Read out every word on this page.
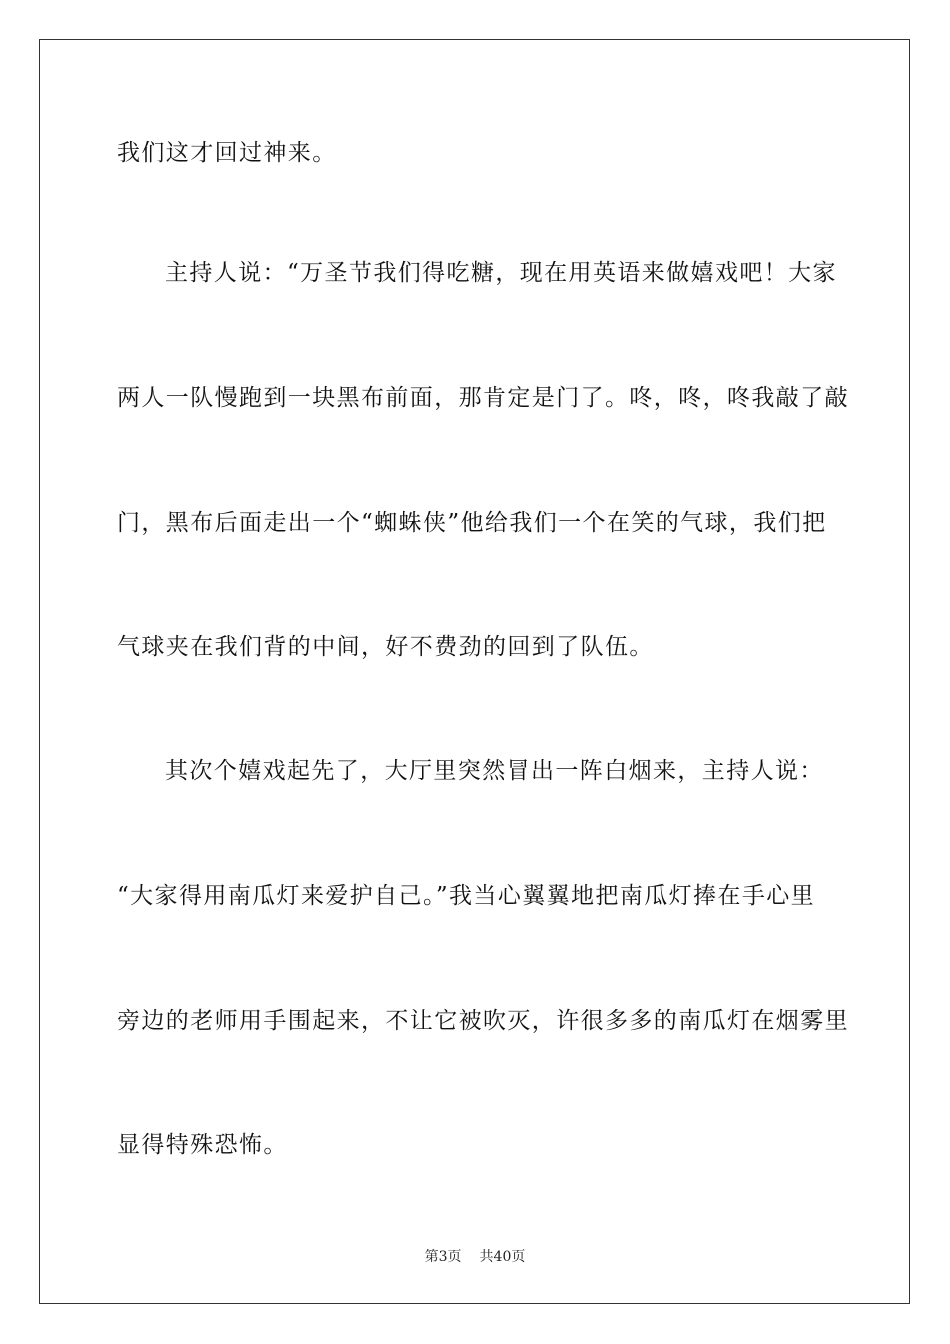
我们这才回过神来。
主持人说：“万圣节我们得吃糖，现在用英语来做嬉戏吧！大家
两人一队慢跑到一块黑布前面，那肯定是门了。咚，咚，咚我敲了敲
门，黑布后面走出一个“蜘蛛侠”他给我们一个在笑的气球，我们把
气球夹在我们背的中间，好不费劲的回到了队伍。
其次个嬉戏起先了，大厅里突然冒出一阵白烟来，主持人说：
“大家得用南瓜灯来爱护自己。”我当心翼翼地把南瓜灯捧在手心里
旁边的老师用手围起来，不让它被吹灭，许很多多的南瓜灯在烟雾里
显得特殊恐怖。
第3页 共40页
